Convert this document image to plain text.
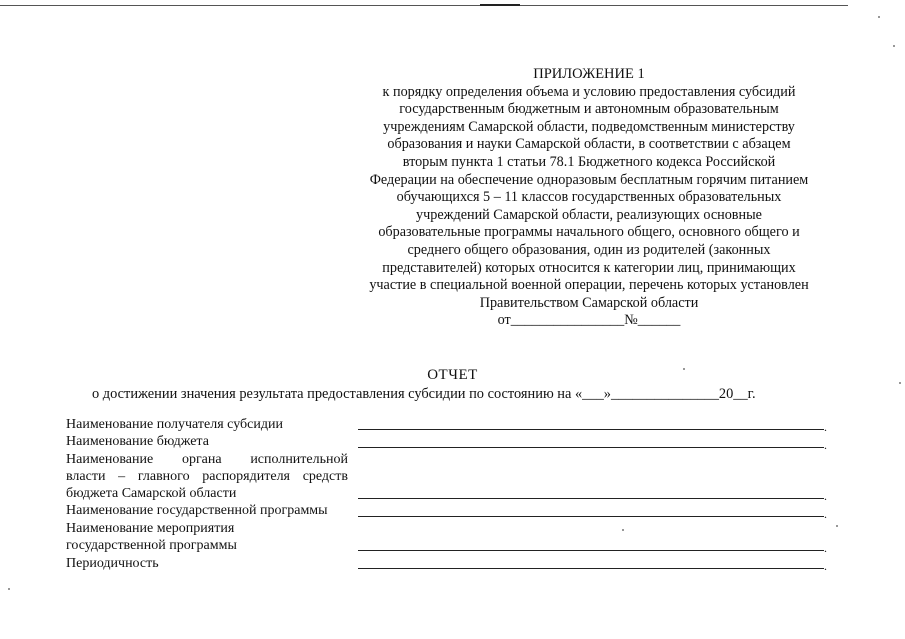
ПРИЛОЖЕНИЕ 1
к порядку определения объема и условию предоставления субсидий
государственным бюджетным и автономным образовательным
учреждениям Самарской области, подведомственным министерству
образования и науки Самарской области, в соответствии с абзацем
вторым пункта 1 статьи 78.1 Бюджетного кодекса Российской
Федерации на обеспечение одноразовым бесплатным горячим питанием
обучающихся 5 – 11 классов государственных образовательных
учреждений Самарской области, реализующих основные
образовательные программы начального общего, основного общего и
среднего общего образования, один из родителей (законных
представителей) которых относится к категории лиц, принимающих
участие в специальной военной операции, перечень которых установлен
Правительством Самарской области
от________________№______
ОТЧЕТ
о достижении значения результата предоставления субсидии по состоянию на «___»_______________20__г.
Наименование получателя субсидии	.
Наименование бюджета	.
Наименование органа исполнительной
власти – главного распорядителя средств
бюджета Самарской области	.
Наименование государственной программы	.
Наименование мероприятия
государственной программы	.
Периодичность	.
